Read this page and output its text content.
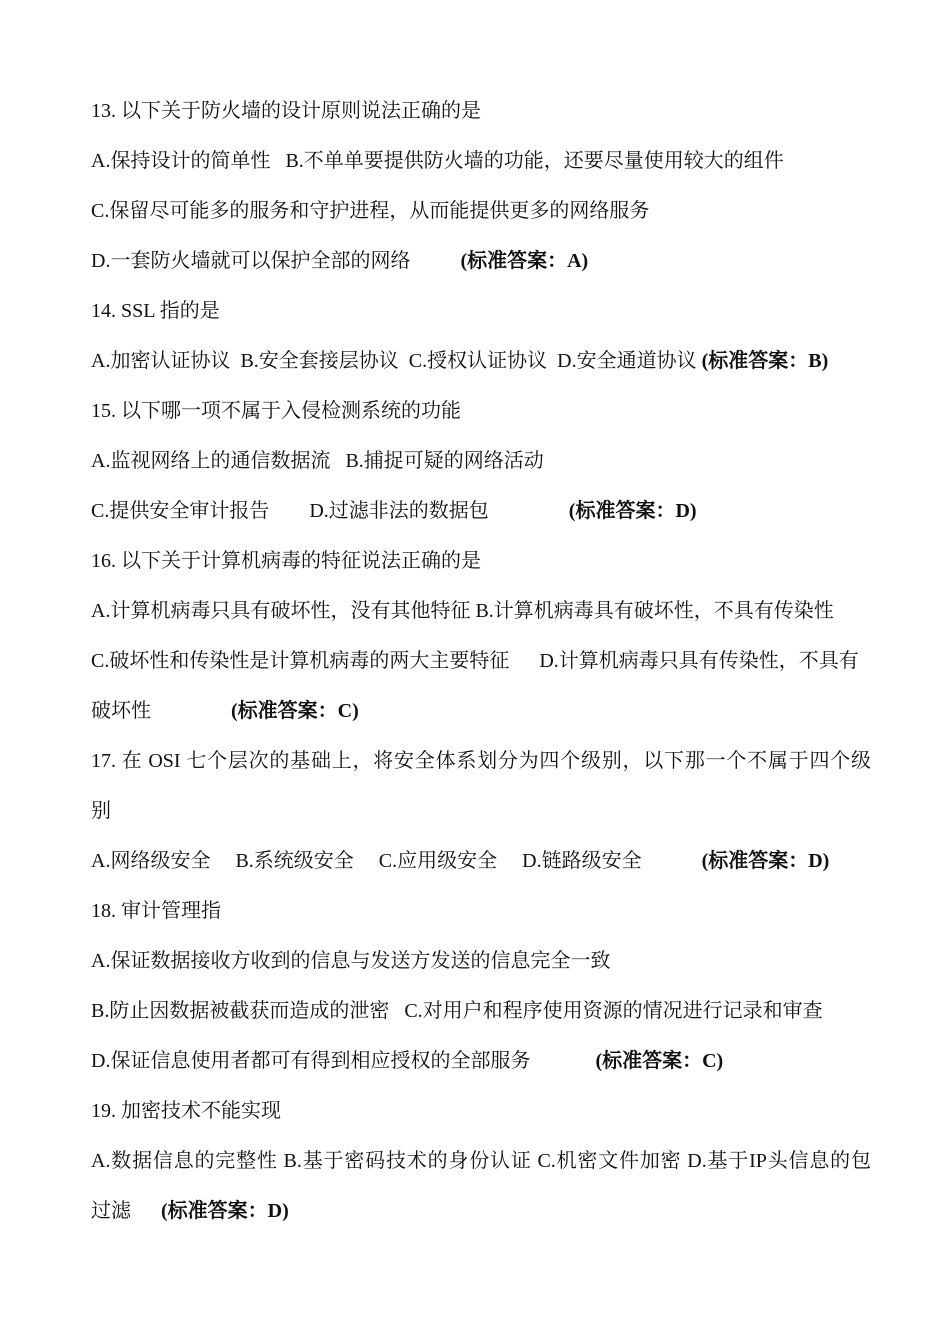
13. 以下关于防火墙的设计原则说法正确的是
A.保持设计的简单性   B.不单单要提供防火墙的功能，还要尽量使用较大的组件
C.保留尽可能多的服务和守护进程，从而能提供更多的网络服务
D.一套防火墙就可以保护全部的网络          (标准答案：A)
14. SSL 指的是
A.加密认证协议  B.安全套接层协议  C.授权认证协议  D.安全通道协议 (标准答案：B)
15. 以下哪一项不属于入侵检测系统的功能
A.监视网络上的通信数据流   B.捕捉可疑的网络活动
C.提供安全审计报告        D.过滤非法的数据包                (标准答案：D)
16. 以下关于计算机病毒的特征说法正确的是
A.计算机病毒只具有破坏性，没有其他特征 B.计算机病毒具有破坏性，不具有传染性
C.破坏性和传染性是计算机病毒的两大主要特征      D.计算机病毒只具有传染性，不具有
破坏性                (标准答案：C)
17. 在 OSI 七个层次的基础上，将安全体系划分为四个级别，以下那一个不属于四个级
别
A.网络级安全     B.系统级安全     C.应用级安全     D.链路级安全            (标准答案：D)
18. 审计管理指
A.保证数据接收方收到的信息与发送方发送的信息完全一致
B.防止因数据被截获而造成的泄密   C.对用户和程序使用资源的情况进行记录和审查
D.保证信息使用者都可有得到相应授权的全部服务             (标准答案：C)
19. 加密技术不能实现
A.数据信息的完整性 B.基于密码技术的身份认证 C.机密文件加密 D.基于IP头信息的包
过滤      (标准答案：D)
